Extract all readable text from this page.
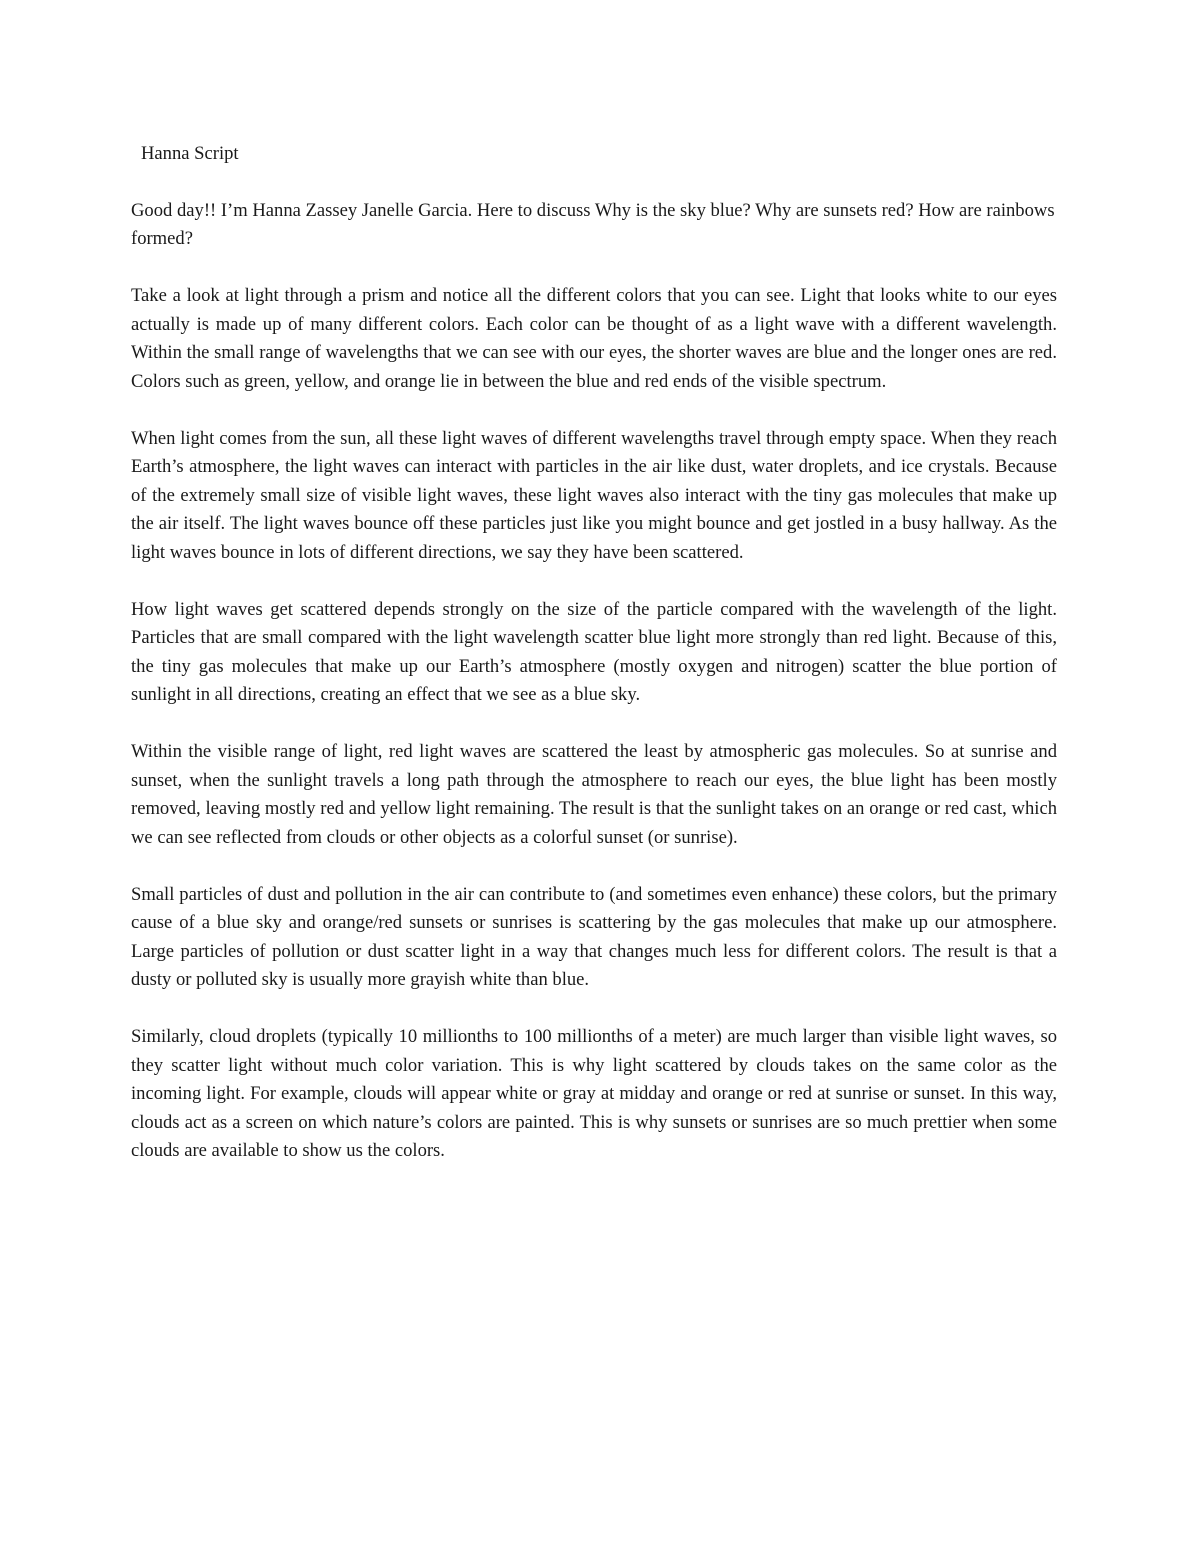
Hanna Script

Good day!! I’m Hanna Zassey Janelle Garcia. Here to discuss Why is the sky blue? Why are sunsets red? How are rainbows formed?

Take a look at light through a prism and notice all the different colors that you can see. Light that looks white to our eyes actually is made up of many different colors. Each color can be thought of as a light wave with a different wavelength. Within the small range of wavelengths that we can see with our eyes, the shorter waves are blue and the longer ones are red. Colors such as green, yellow, and orange lie in between the blue and red ends of the visible spectrum.

When light comes from the sun, all these light waves of different wavelengths travel through empty space. When they reach Earth’s atmosphere, the light waves can interact with particles in the air like dust, water droplets, and ice crystals. Because of the extremely small size of visible light waves, these light waves also interact with the tiny gas molecules that make up the air itself. The light waves bounce off these particles just like you might bounce and get jostled in a busy hallway. As the light waves bounce in lots of different directions, we say they have been scattered.

How light waves get scattered depends strongly on the size of the particle compared with the wavelength of the light. Particles that are small compared with the light wavelength scatter blue light more strongly than red light. Because of this, the tiny gas molecules that make up our Earth’s atmosphere (mostly oxygen and nitrogen) scatter the blue portion of sunlight in all directions, creating an effect that we see as a blue sky.

Within the visible range of light, red light waves are scattered the least by atmospheric gas molecules. So at sunrise and sunset, when the sunlight travels a long path through the atmosphere to reach our eyes, the blue light has been mostly removed, leaving mostly red and yellow light remaining. The result is that the sunlight takes on an orange or red cast, which we can see reflected from clouds or other objects as a colorful sunset (or sunrise).

Small particles of dust and pollution in the air can contribute to (and sometimes even enhance) these colors, but the primary cause of a blue sky and orange/red sunsets or sunrises is scattering by the gas molecules that make up our atmosphere. Large particles of pollution or dust scatter light in a way that changes much less for different colors. The result is that a dusty or polluted sky is usually more grayish white than blue.

Similarly, cloud droplets (typically 10 millionths to 100 millionths of a meter) are much larger than visible light waves, so they scatter light without much color variation. This is why light scattered by clouds takes on the same color as the incoming light. For example, clouds will appear white or gray at midday and orange or red at sunrise or sunset. In this way, clouds act as a screen on which nature’s colors are painted. This is why sunsets or sunrises are so much prettier when some clouds are available to show us the colors.
